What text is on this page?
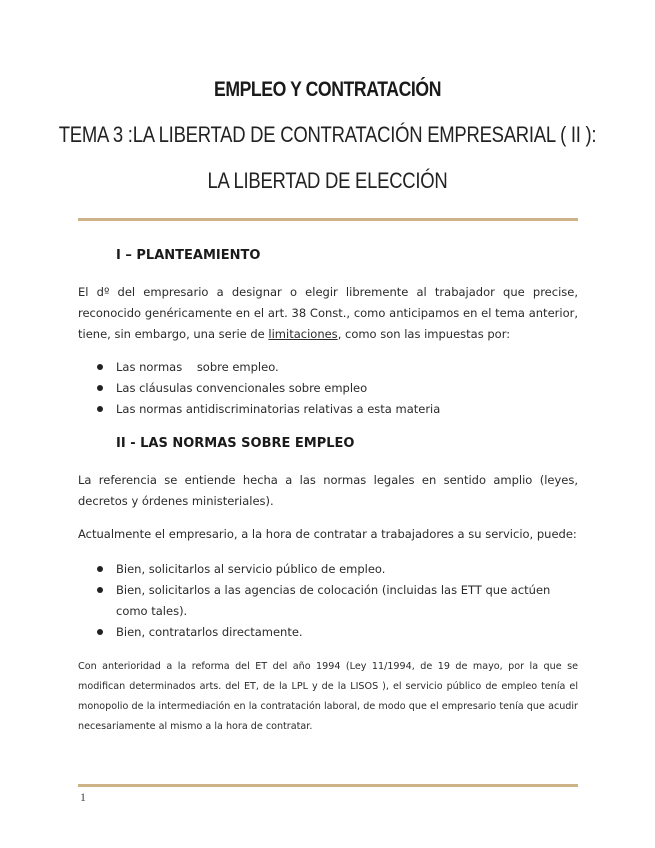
EMPLEO Y CONTRATACIÓN
TEMA 3 :LA LIBERTAD DE CONTRATACIÓN EMPRESARIAL ( II ):
LA LIBERTAD DE ELECCIÓN
I – PLANTEAMIENTO

El dº del empresario a designar o elegir libremente al trabajador que precise, reconocido genéricamente en el art. 38 Const., como anticipamos en el tema anterior, tiene, sin embargo, una serie de limitaciones, como son las impuestas por:

Las normas    sobre empleo.
Las cláusulas convencionales sobre empleo
Las normas antidiscriminatorias relativas a esta materia
II - LAS NORMAS SOBRE EMPLEO

La referencia se entiende hecha a las normas legales en sentido amplio (leyes, decretos y órdenes ministeriales).

Actualmente el empresario, a la hora de contratar a trabajadores a su servicio, puede:

Bien, solicitarlos al servicio público de empleo.
Bien, solicitarlos a las agencias de colocación (incluidas las ETT que actúen como tales).
Bien, contratarlos directamente.

Con anterioridad a la reforma del ET del año 1994 (Ley 11/1994, de 19 de mayo, por la que se modifican determinados arts. del ET, de la LPL y de la LISOS ), el servicio público de empleo tenía el monopolio de la intermediación en la contratación laboral, de modo que el empresario tenía que acudir necesariamente al mismo a la hora de contratar.

1
